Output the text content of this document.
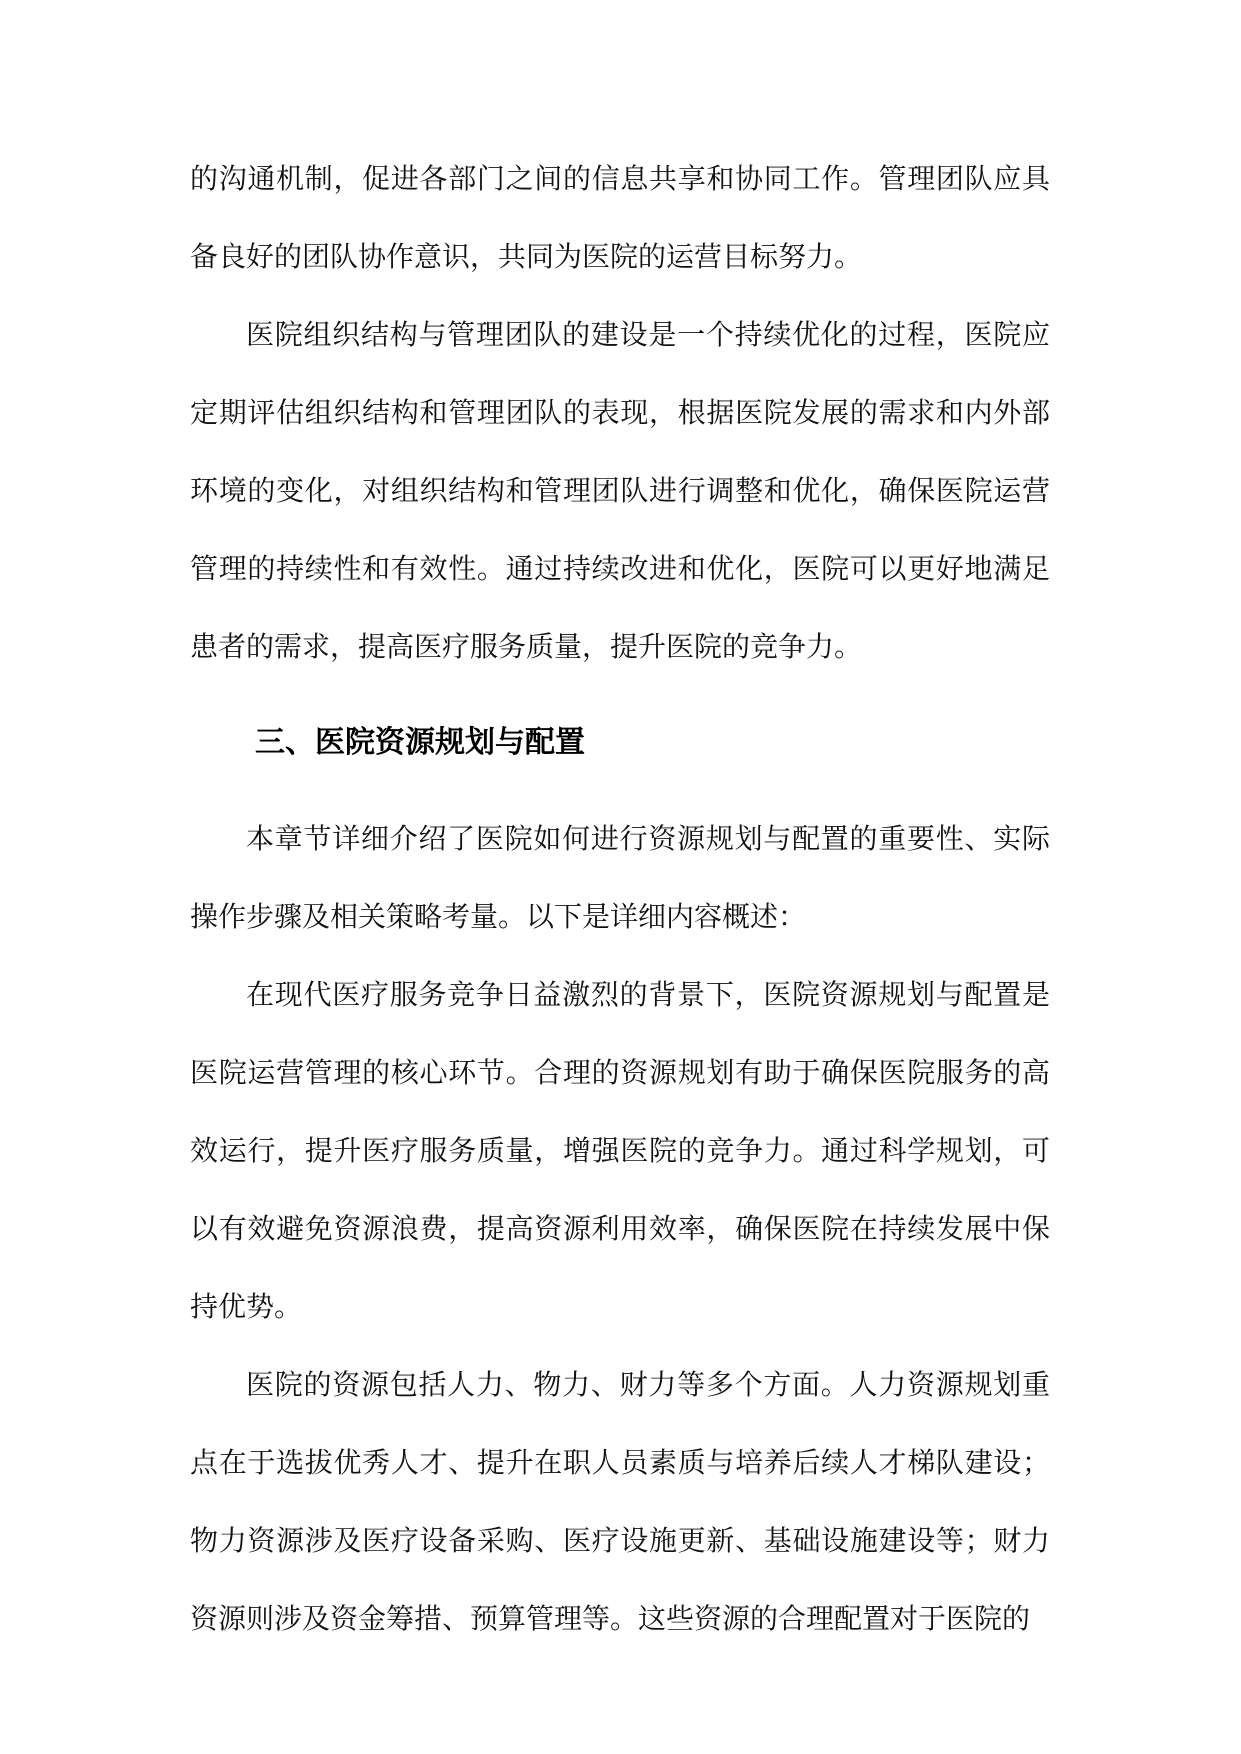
的沟通机制，促进各部门之间的信息共享和协同工作。管理团队应具备良好的团队协作意识，共同为医院的运营目标努力。

医院组织结构与管理团队的建设是一个持续优化的过程，医院应定期评估组织结构和管理团队的表现，根据医院发展的需求和内外部环境的变化，对组织结构和管理团队进行调整和优化，确保医院运营管理的持续性和有效性。通过持续改进和优化，医院可以更好地满足患者的需求，提高医疗服务质量，提升医院的竞争力。

三、医院资源规划与配置

本章节详细介绍了医院如何进行资源规划与配置的重要性、实际操作步骤及相关策略考量。以下是详细内容概述：

在现代医疗服务竞争日益激烈的背景下，医院资源规划与配置是医院运营管理的核心环节。合理的资源规划有助于确保医院服务的高效运行，提升医疗服务质量，增强医院的竞争力。通过科学规划，可以有效避免资源浪费，提高资源利用效率，确保医院在持续发展中保持优势。

医院的资源包括人力、物力、财力等多个方面。人力资源规划重点在于选拔优秀人才、提升在职人员素质与培养后续人才梯队建设；物力资源涉及医疗设备采购、医疗设施更新、基础设施建设等；财力资源则涉及资金筹措、预算管理等。这些资源的合理配置对于医院的
